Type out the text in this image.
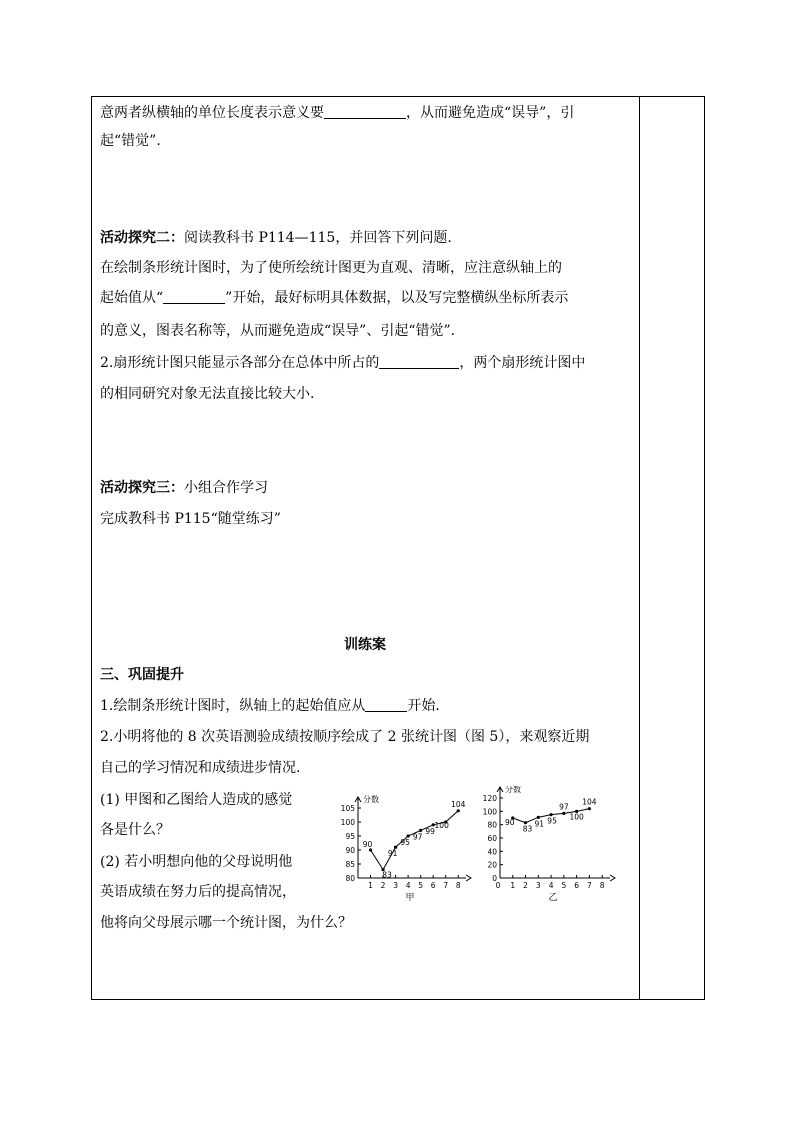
意两者纵横轴的单位长度表示意义要	，从而避免造成“误导”，引
起“错觉”.
活动探究二：阅读教科书 P114—115，并回答下列问题.
在绘制条形统计图时，为了使所绘统计图更为直观、清晰，应注意纵轴上的
起始值从“	”开始，最好标明具体数据，以及写完整横纵坐标所表示
的意义，图表名称等，从而避免造成“误导”、引起“错觉”.
2.扇形统计图只能显示各部分在总体中所占的	，两个扇形统计图中
的相同研究对象无法直接比较大小.
活动探究三：小组合作学习
完成教科书 P115“随堂练习”
训练案
三、巩固提升
1.绘制条形统计图时，纵轴上的起始值应从	开始.
2.小明将他的 8 次英语测验成绩按顺序绘成了 2 张统计图（图 5），来观察近期
自己的学习情况和成绩进步情况.
(1) 甲图和乙图给人造成的感觉
各是什么？
(2) 若小明想向他的父母说明他
英语成绩在努力后的提高情况，
他将向父母展示哪一个统计图，为什么？
分数
80
85
90
95
100
105
1 2 3 4 5 6 7 8
90
83
91
95
97
99
100
104
甲
分数
0
20
40
60
80
100
120
0 1 2 3 4 5 6 7 8
90
83
91 95
97
100
104
乙
